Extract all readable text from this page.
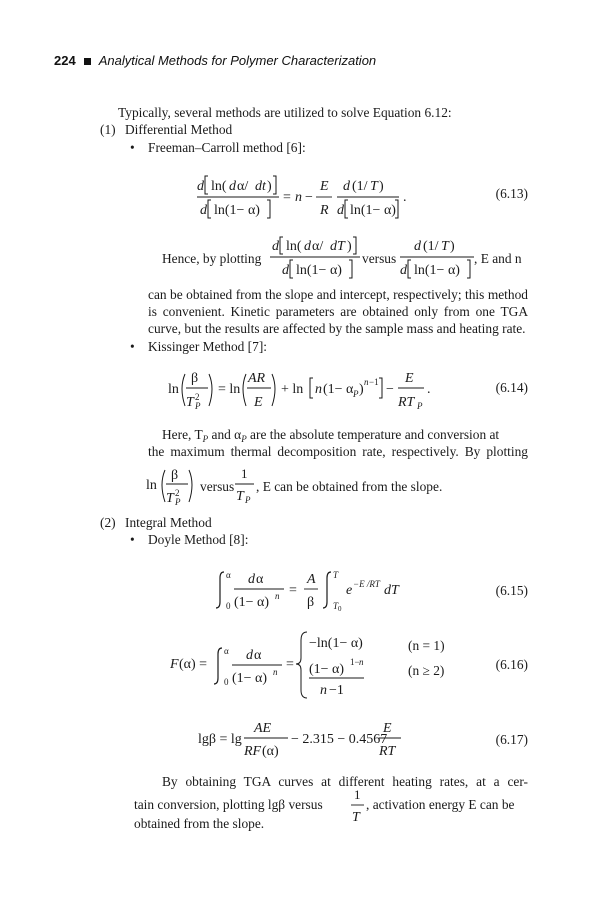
224 Analytical Methods for Polymer Characterization
Typically, several methods are utilized to solve Equation 6.12:
(1) Differential Method
• Freeman–Carroll method [6]:
d ln( d α/ dt )
d ln(1− α)
= n −
E
R
d (1/ T )
d ln(1− α)
.	(6.13)
Hence, by plotting
d ln( d α/ dT )
d ln(1− α)
versus
d (1/ T )
d ln(1− α)
, E and n
can be obtained from the slope and intercept, respectively; this method
is convenient. Kinetic parameters are obtained only from one TGA
curve, but the results are affected by the sample mass and heating rate.
• Kissinger Method [7]:
ln
β
T 2
P
= ln
AR
E
+ ln n (1− α P ) n −1 −
E
RT P
.	(6.14)
Here, $T_P$ and $\alpha_P$ are the absolute temperature and conversion at
the maximum thermal decomposition rate, respectively. By plotting
ln
β
T 2
P
versus
1
T P
, E can be obtained from the slope.
(2) Integral Method
• Doyle Method [8]:
α
0
d α
(1− α) n =
A
β
T
T 0
e −E /RT dT	(6.15)
F (α) =
α
0
d α
(1− α) n =
−ln(1− α)
(1− α) 1− n
n −1
(n = 1)
(n ≥ 2)	(6.16)
lgβ = lg
AE
RF (α)
− 2.315 − 0.4567
E
RT
(6.17)
By obtaining TGA curves at different heating rates, at a cer-
tain conversion, plotting lgβ versus
1
T
, activation energy E can be
obtained from the slope.
